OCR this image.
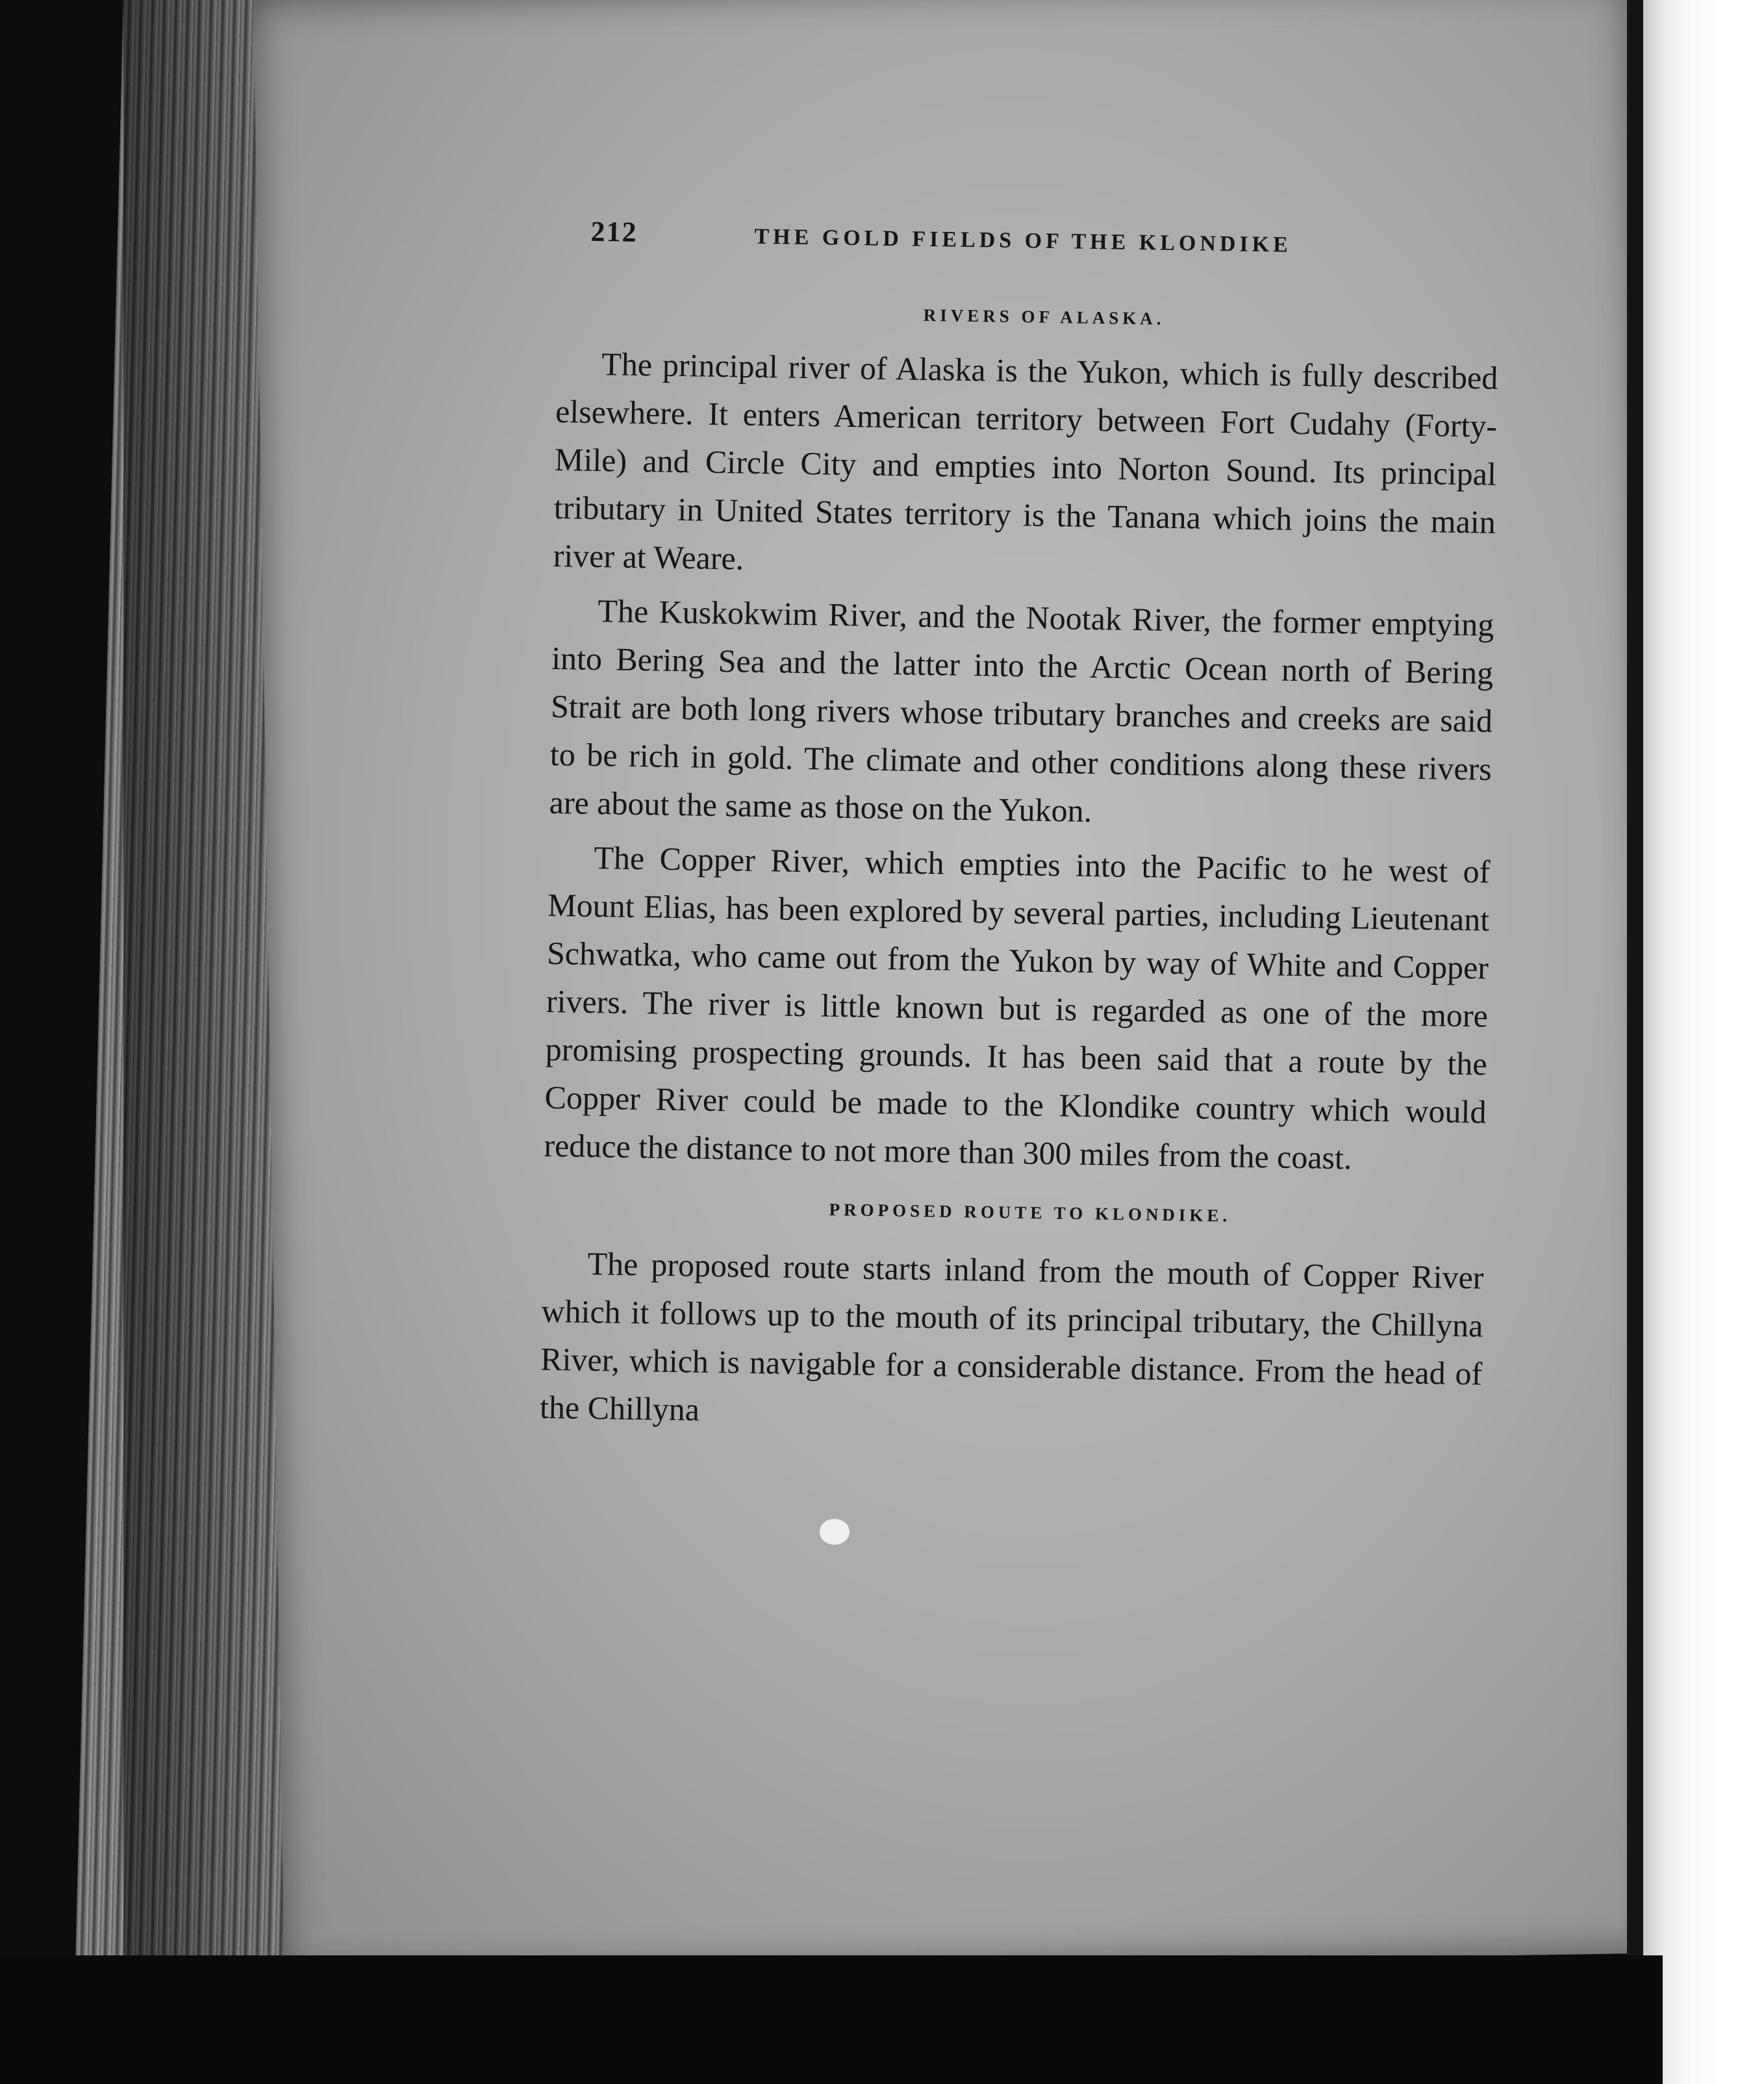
212	THE GOLD FIELDS OF THE KLONDIKE
RIVERS OF ALASKA.

The principal river of Alaska is the Yukon, which is fully described elsewhere. It enters American territory between Fort Cudahy (Forty-Mile) and Circle City and empties into Norton Sound. Its principal tributary in United States territory is the Tanana which joins the main river at Weare.

The Kuskokwim River, and the Nootak River, the former emptying into Bering Sea and the latter into the Arctic Ocean north of Bering Strait are both long rivers whose tributary branches and creeks are said to be rich in gold. The climate and other conditions along these rivers are about the same as those on the Yukon.

The Copper River, which empties into the Pacific to he west of Mount Elias, has been explored by several parties, including Lieutenant Schwatka, who came out from the Yukon by way of White and Copper rivers. The river is little known but is regarded as one of the more promising prospecting grounds. It has been said that a route by the Copper River could be made to the Klondike country which would reduce the distance to not more than 300 miles from the coast.

PROPOSED ROUTE TO KLONDIKE.

The proposed route starts inland from the mouth of Copper River which it follows up to the mouth of its principal tributary, the Chillyna River, which is navigable for a considerable distance. From the head of the Chillyna
